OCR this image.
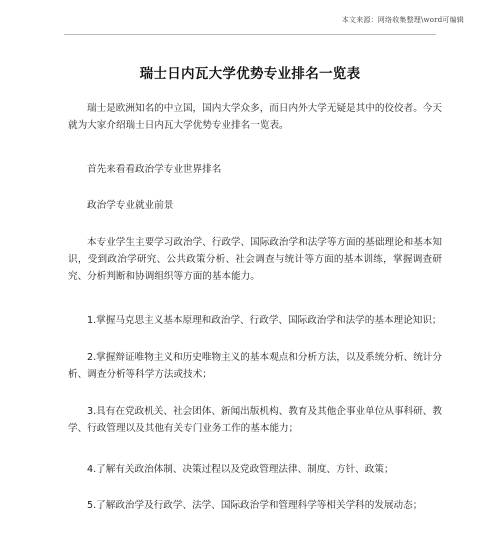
本文来源：网络收集整理\word可编辑
瑞士日内瓦大学优势专业排名一览表

瑞士是欧洲知名的中立国，国内大学众多，而日内外大学无疑是其中的佼佼者。今天就为大家介绍瑞士日内瓦大学优势专业排名一览表。

首先来看看政治学专业世界排名

政治学专业就业前景

本专业学生主要学习政治学、行政学、国际政治学和法学等方面的基础理论和基本知识，受到政治学研究、公共政策分析、社会调查与统计等方面的基本训练，掌握调查研究、分析判断和协调组织等方面的基本能力。

1.掌握马克思主义基本原理和政治学、行政学、国际政治学和法学的基本理论知识；

2.掌握辩证唯物主义和历史唯物主义的基本观点和分析方法，以及系统分析、统计分析、调查分析等科学方法或技术；

3.具有在党政机关、社会团体、新闻出版机构、教育及其他企事业单位从事科研、教学、行政管理以及其他有关专门业务工作的基本能力；

4.了解有关政治体制、决策过程以及党政管理法律、制度、方针、政策；

5.了解政治学及行政学、法学、国际政治学和管理科学等相关学科的发展动态；
